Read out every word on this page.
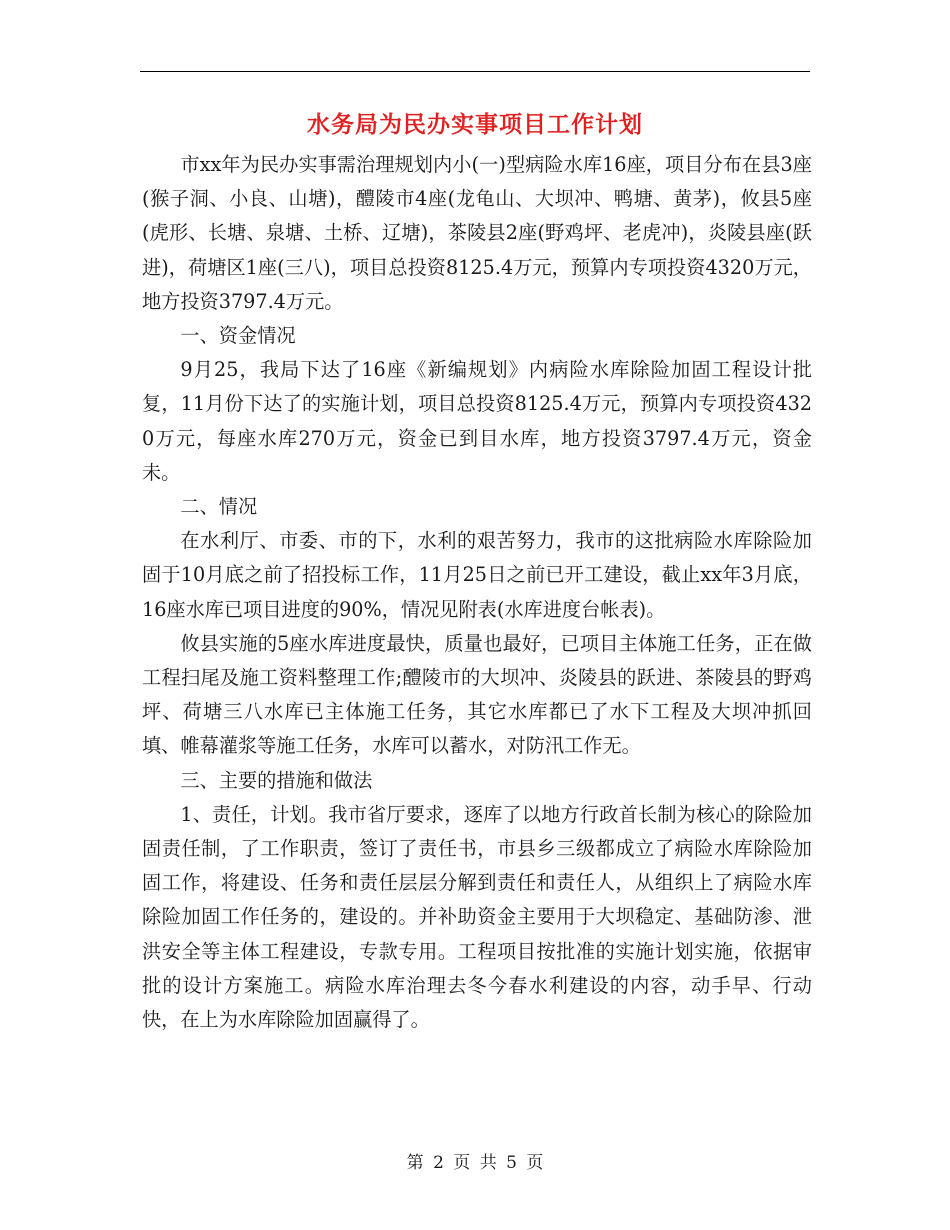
水务局为民办实事项目工作计划

市xx年为民办实事需治理规划内小(一)型病险水库16座，项目分布在县3座(猴子洞、小良、山塘)，醴陵市4座(龙龟山、大坝冲、鸭塘、黄茅)，攸县5座(虎形、长塘、泉塘、土桥、辽塘)，茶陵县2座(野鸡坪、老虎冲)，炎陵县座(跃进)，荷塘区1座(三八)，项目总投资8125.4万元，预算内专项投资4320万元，地方投资3797.4万元。

一、资金情况

9月25，我局下达了16座《新编规划》内病险水库除险加固工程设计批复，11月份下达了的实施计划，项目总投资8125.4万元，预算内专项投资4320万元，每座水库270万元，资金已到目水库，地方投资3797.4万元，资金未。

二、情况

在水利厅、市委、市的下，水利的艰苦努力，我市的这批病险水库除险加固于10月底之前了招投标工作，11月25日之前已开工建设，截止xx年3月底，16座水库已项目进度的90%，情况见附表(水库进度台帐表)。

攸县实施的5座水库进度最快，质量也最好，已项目主体施工任务，正在做工程扫尾及施工资料整理工作;醴陵市的大坝冲、炎陵县的跃进、茶陵县的野鸡坪、荷塘三八水库已主体施工任务，其它水库都已了水下工程及大坝冲抓回填、帷幕灌浆等施工任务，水库可以蓄水，对防汛工作无。

三、主要的措施和做法

1、责任，计划。我市省厅要求，逐库了以地方行政首长制为核心的除险加固责任制，了工作职责，签订了责任书，市县乡三级都成立了病险水库除险加固工作，将建设、任务和责任层层分解到责任和责任人，从组织上了病险水库除险加固工作任务的，建设的。并补助资金主要用于大坝稳定、基础防渗、泄洪安全等主体工程建设，专款专用。工程项目按批准的实施计划实施，依据审批的设计方案施工。病险水库治理去冬今春水利建设的内容，动手早、行动快，在上为水库除险加固赢得了。

第 2 页 共 5 页
